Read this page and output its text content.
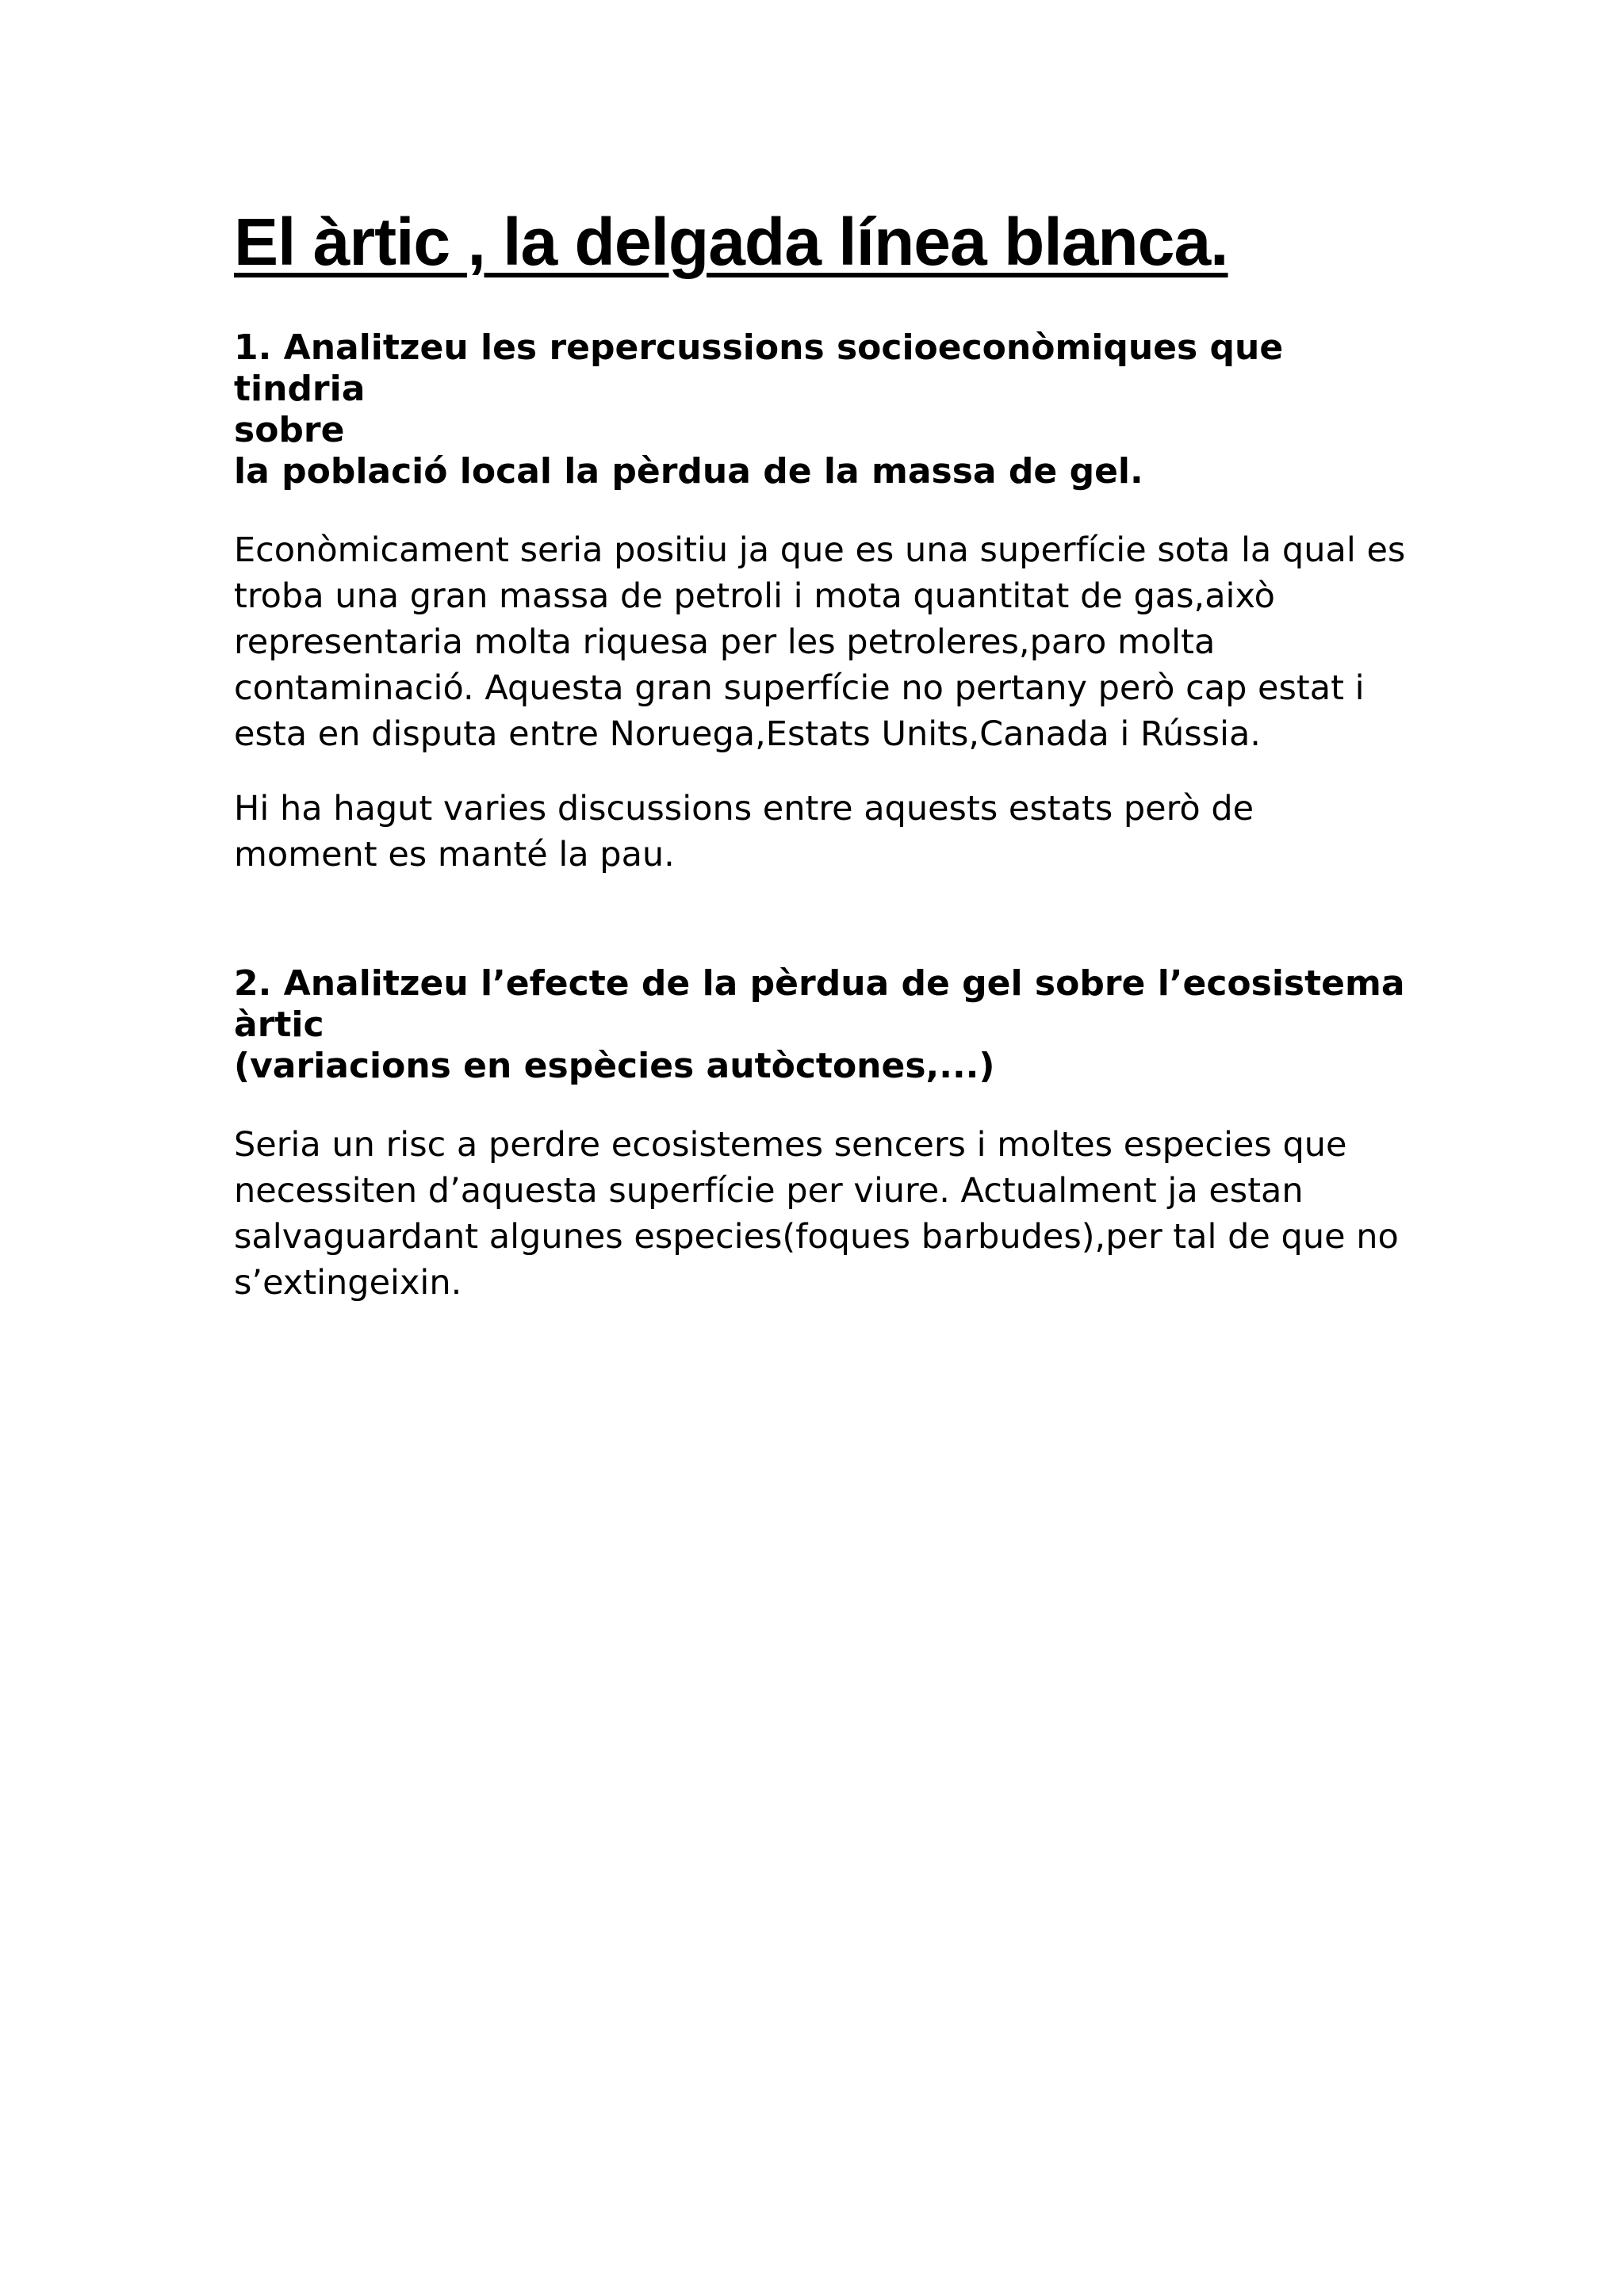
El àrtic , la delgada línea blanca.
1. Analitzeu les repercussions socioeconòmiques que tindria
sobre
la població local la pèrdua de la massa de gel.

Econòmicament seria positiu ja que es una superfície sota la qual es troba una gran massa de petroli i mota quantitat de gas,això representaria molta riquesa per les petroleres,paro molta contaminació. Aquesta gran superfície no pertany però cap estat i esta en disputa entre Noruega,Estats Units,Canada i Rússia.

Hi ha hagut varies discussions entre aquests estats però de moment es manté la pau.

2. Analitzeu l’efecte de la pèrdua de gel sobre l’ecosistema
àrtic
(variacions en espècies autòctones,...)

Seria un risc a perdre ecosistemes sencers i moltes especies que necessiten d’aquesta superfície per viure. Actualment ja estan salvaguardant algunes especies(foques barbudes),per tal de que no s’extingeixin.
